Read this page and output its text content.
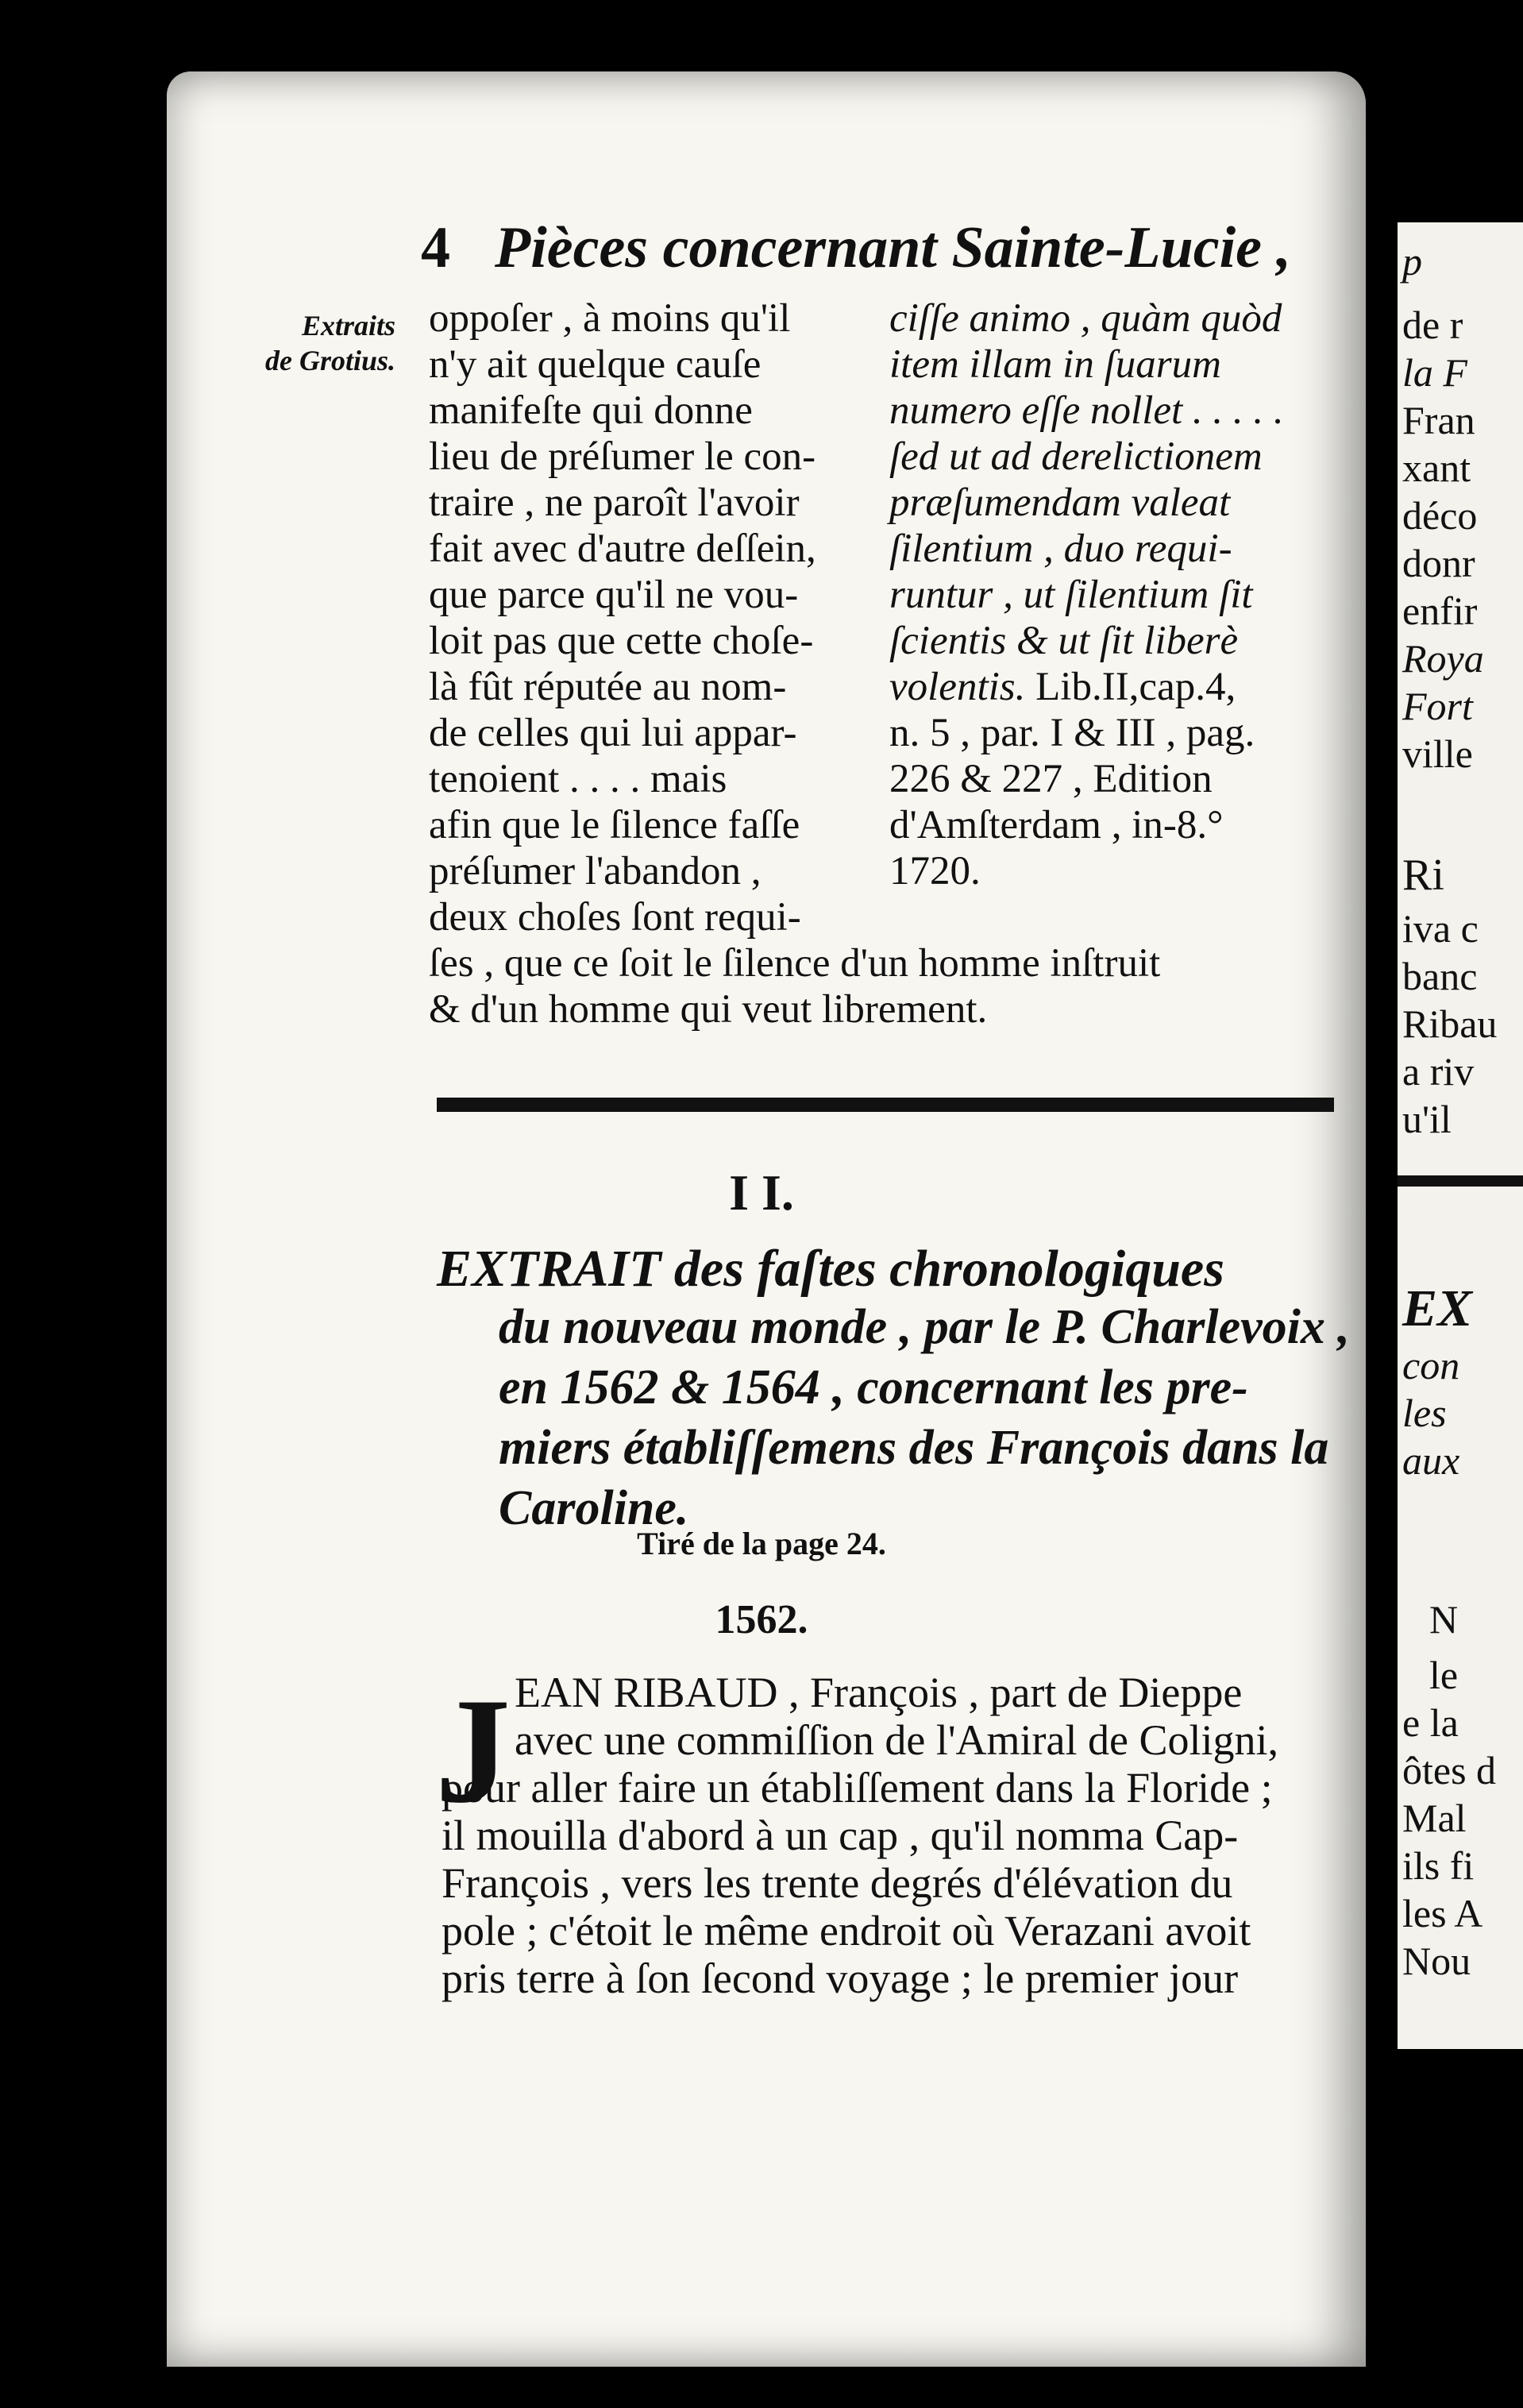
p
de r
la F
Fran
xant
déco
donr
enfir
Roya
Fort
ville
Ri
iva c
banc
Ribau
a riv
u'il
EX
con
les
aux
N
le
e la
ôtes d
Mal
ils fi
les A
Nou
4 Pièces concernant Sainte-Lucie ,
Extraits
de Grotius.
oppoſer , à moins qu'il
n'y ait quelque cauſe
manifeſte qui donne
lieu de préſumer le con-
traire , ne paroît l'avoir
fait avec d'autre deſſein,
que parce qu'il ne vou-
loit pas que cette choſe-
là fût réputée au nom-
de celles qui lui appar-
tenoient . . . . mais
afin que le ſilence faſſe
préſumer l'abandon ,
deux choſes ſont requi-
ciſſe animo , quàm quòd
item illam in ſuarum
numero eſſe nollet . . . . .
ſed ut ad derelictionem
præſumendam valeat
ſilentium , duo requi-
runtur , ut ſilentium ſit
ſcientis & ut ſit liberè
volentis. Lib.II,cap.4,
n. 5 , par. I & III , pag.
226 & 227 , Edition
d'Amſterdam , in-8.°
1720.
ſes , que ce ſoit le ſilence d'un homme inſtruit
& d'un homme qui veut librement.
I I.
EXTRAIT des faſtes chronologiques
du nouveau monde , par le P. Charlevoix ,
en 1562 & 1564 , concernant les pre-
miers établiſſemens des François dans la
Caroline.
Tiré de la page 24.
1562.
J EAN RIBAUD , François , part de Dieppe
avec une commiſſion de l'Amiral de Coligni,
pour aller faire un établiſſement dans la Floride ;
il mouilla d'abord à un cap , qu'il nomma Cap-
François , vers les trente degrés d'élévation du
pole ; c'étoit le même endroit où Verazani avoit
pris terre à ſon ſecond voyage ; le premier jour
